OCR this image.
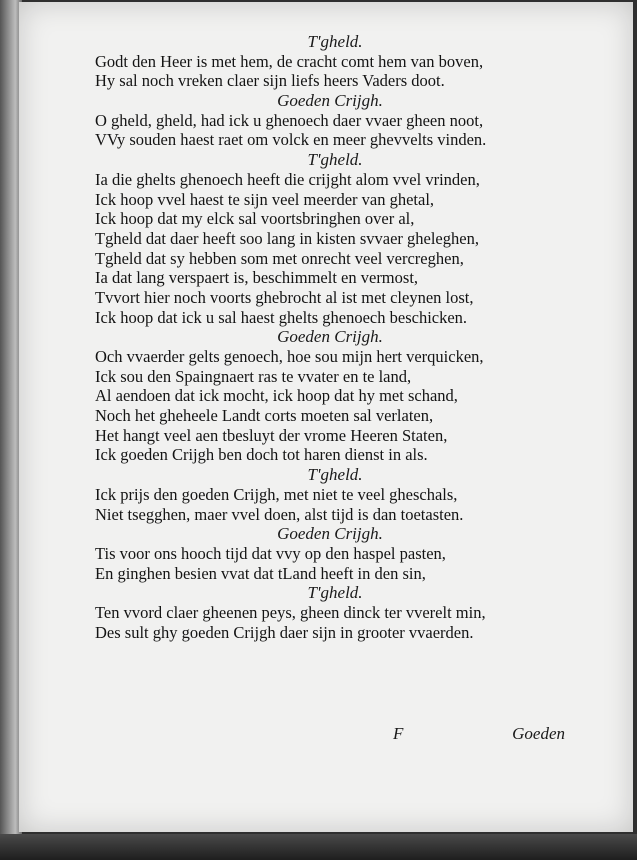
T'gheld.
Godt den Heer is met hem, de cracht comt hem van boven,
Hy sal noch vreken claer sijn liefs heers Vaders doot.
Goeden Crijgh.
O gheld, gheld, had ick u ghenoech daer vvaer gheen noot,
VVy souden haest raet om volck en meer ghevvelts vinden.
T'gheld.
Ia die ghelts ghenoech heeft die crijght alom vvel vrinden,
Ick hoop vvel haest te sijn veel meerder van ghetal,
Ick hoop dat my elck sal voortsbringhen over al,
Tgheld dat daer heeft soo lang in kisten svvaer gheleghen,
Tgheld dat sy hebben som met onrecht veel vercreghen,
Ia dat lang verspaert is, beschimmelt en vermost,
Tvvort hier noch voorts ghebrocht al ist met cleynen lost,
Ick hoop dat ick u sal haest ghelts ghenoech beschicken.
Goeden Crijgh.
Och vvaerder gelts genoech, hoe sou mijn hert verquicken,
Ick sou den Spaingnaert ras te vvater en te land,
Al aendoen dat ick mocht, ick hoop dat hy met schand,
Noch het gheheele Landt corts moeten sal verlaten,
Het hangt veel aen tbesluyt der vrome Heeren Staten,
Ick goeden Crijgh ben doch tot haren dienst in als.
T'gheld.
Ick prijs den goeden Crijgh, met niet te veel gheschals,
Niet tsegghen, maer vvel doen, alst tijd is dan toetasten.
Goeden Crijgh.
Tis voor ons hooch tijd dat vvy op den haspel pasten,
En ginghen besien vvat dat tLand heeft in den sin,
T'gheld.
Ten vvord claer gheenen peys, gheen dinck ter vverelt min,
Des sult ghy goeden Crijgh daer sijn in grooter vvaerden.
F	Goeden
